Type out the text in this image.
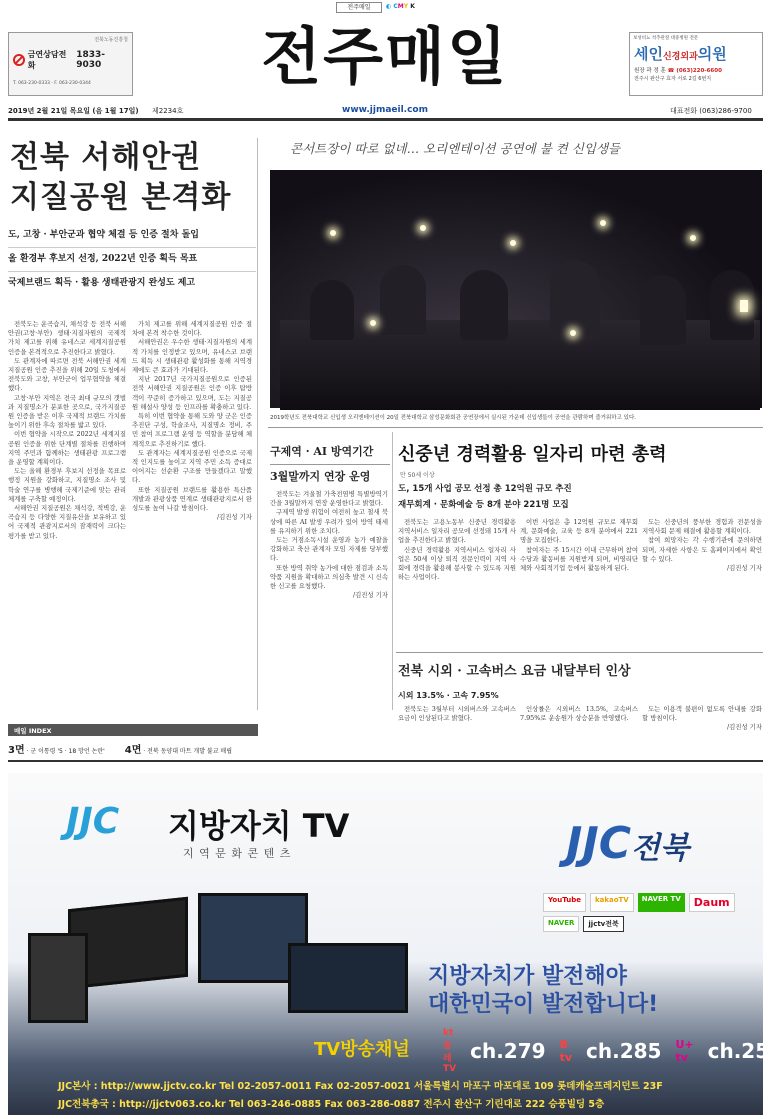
전주매일	◐ CMY K
전북노동진흥청
금연상담전화
1833-9030
T. 063-230-0333 · F. 063-230-0344	전주매일
www.jjmaeil.com
보성비뇨 척추관절 대중병원 전문
세인신경외과의원
원장 곽 정 훈 ☎ (063)220-6600
전주시 완산구 효자 서로 2길 6번지
2019년 2월 21일 목요일 (음 1월 17일) 제2234호	대표전화 (063)286-9700
전북 서해안권
지질공원 본격화
도, 고창 · 부안군과 협약 체결 등 인증 절차 돌입
올 환경부 후보지 선정, 2022년 인증 획득 목표
국제브랜드 획득 · 활용 생태관광지 완성도 제고

전북도는 운곡습지, 채석강 등 전북 서해안권(고창·부안) 생태·지질자원의 국제적 가치 제고를 위해 유네스코 세계지질공원 인증을 본격적으로 추진한다고 밝혔다.

도 관계자에 따르면 전북 서해안권 세계지질공원 인증 추진을 위해 20일 도청에서 전북도와 고창, 부안군이 업무협약을 체결했다.

고창·부안 지역은 전국 최대 규모의 갯벌과 지질명소가 분포한 곳으로, 국가지질공원 인증을 받은 이후 국제적 브랜드 가치를 높이기 위한 후속 절차를 밟고 있다.

이번 협약을 시작으로 2022년 세계지질공원 인증을 위한 단계별 절차를 진행하며 지역 주민과 함께하는 생태관광 프로그램을 운영할 계획이다.

도는 올해 환경부 후보지 선정을 목표로 행정 지원을 강화하고, 지질명소 조사 및 학술 연구를 병행해 국제기준에 맞는 관리체계를 구축할 예정이다.

서해안권 지질공원은 채석강, 적벽강, 운곡습지 등 다양한 지질유산을 보유하고 있어 국제적 관광지로서의 잠재력이 크다는 평가를 받고 있다.

가치 제고를 위해 세계지질공원 인증 절차에 본격 착수한 것이다.

서해안권은 우수한 생태·지질자원의 세계적 가치를 인정받고 있으며, 유네스코 브랜드 획득 시 생태관광 활성화를 통해 지역경제에도 큰 효과가 기대된다.

지난 2017년 국가지질공원으로 인증된 전북 서해안권 지질공원은 인증 이후 탐방객이 꾸준히 증가하고 있으며, 도는 지질공원 해설사 양성 등 인프라를 확충하고 있다.

특히 이번 협약을 통해 도와 양 군은 인증 추진단 구성, 학술조사, 지질명소 정비, 주민 참여 프로그램 운영 등 역할을 분담해 체계적으로 추진하기로 했다.

도 관계자는 세계지질공원 인증으로 국제적 인지도를 높이고 지역 주민 소득 증대로 이어지는 선순환 구조를 만들겠다고 말했다.

또한 지질공원 브랜드를 활용한 특산품 개발과 관광상품 연계로 생태관광지로서 완성도를 높여 나갈 방침이다.

/김진성 기자

콘서트장이 따로 없네… 오리엔테이션 공연에 불 켠 신입생들
2019학년도 전북대학교 신입생 오리엔테이션이 20일 전북대학교 삼성문화회관 공연장에서 실시된 가운데 신입생들이 공연을 관람하며 즐거워하고 있다.
구제역 · AI 방역기간
3월말까지 연장 운영

전북도는 겨울철 가축전염병 특별방역기간을 3월말까지 연장 운영한다고 밝혔다.

구제역 발생 위험이 여전히 높고 철새 북상에 따른 AI 발생 우려가 있어 방역 태세를 유지하기 위한 조치다.

도는 거점소독시설 운영과 농가 예찰을 강화하고 축산 관계자 모임 자제를 당부했다.

또한 방역 취약 농가에 대한 점검과 소독약품 지원을 확대하고 의심축 발견 시 신속한 신고를 요청했다.

/김진성 기자

신중년 경력활용 일자리 마련 총력
만 50세 이상
도, 15개 사업 공모 선정 총 12억원 규모 추진
재무회계 · 문화예술 등 8개 분야 221명 모집

전북도는 고용노동부 신중년 경력활용 지역서비스 일자리 공모에 선정돼 15개 사업을 추진한다고 밝혔다.

신중년 경력활용 지역서비스 일자리 사업은 50세 이상 퇴직 전문인력이 지역 사회에 경력을 활용해 봉사할 수 있도록 지원하는 사업이다.

이번 사업은 총 12억원 규모로 재무회계, 문화예술, 교육 등 8개 분야에서 221명을 모집한다.

참여자는 주 15시간 이내 근무하며 참여수당과 활동비를 지원받게 되며, 비영리단체와 사회적기업 등에서 활동하게 된다.

도는 신중년의 풍부한 경험과 전문성을 지역사회 문제 해결에 활용할 계획이다.

참여 희망자는 각 수행기관에 문의하면 되며, 자세한 사항은 도 홈페이지에서 확인할 수 있다.

/김진성 기자

전북 시외 · 고속버스 요금 내달부터 인상
시외 13.5% · 고속 7.95%

전북도는 3월부터 시외버스와 고속버스 요금이 인상된다고 밝혔다.

인상률은 시외버스 13.5%, 고속버스 7.95%로 운송원가 상승분을 반영했다.

도는 이용객 불편이 없도록 안내를 강화할 방침이다.

/김진성 기자

매일 INDEX
3면 · 군 이통령 '5 · 18 망언 논란' 4면 · 전북 동양대 마트 개발 불교 매립
JJC 지방자치 TV
지 역 문 화 콘 텐 츠	JJC전북
YouTube	kakaoTV	NAVER TV	Daum
NAVER	jjctv전북
지방자치가 발전해야
대한민국이 발전합니다!
TV방송채널
kt 올레TV
ch.279 B tv ch.285 U+ tv ch.253
JJC본사 : http://www.jjctv.co.kr Tel 02-2057-0011 Fax 02-2057-0021 서울특별시 마포구 마포대로 109 롯데캐슬프레지던트 23F
JJC전북총국 : http://jjctv063.co.kr Tel 063-246-0885 Fax 063-286-0887 전주시 완산구 기린대로 222 승풍빌딩 5층
